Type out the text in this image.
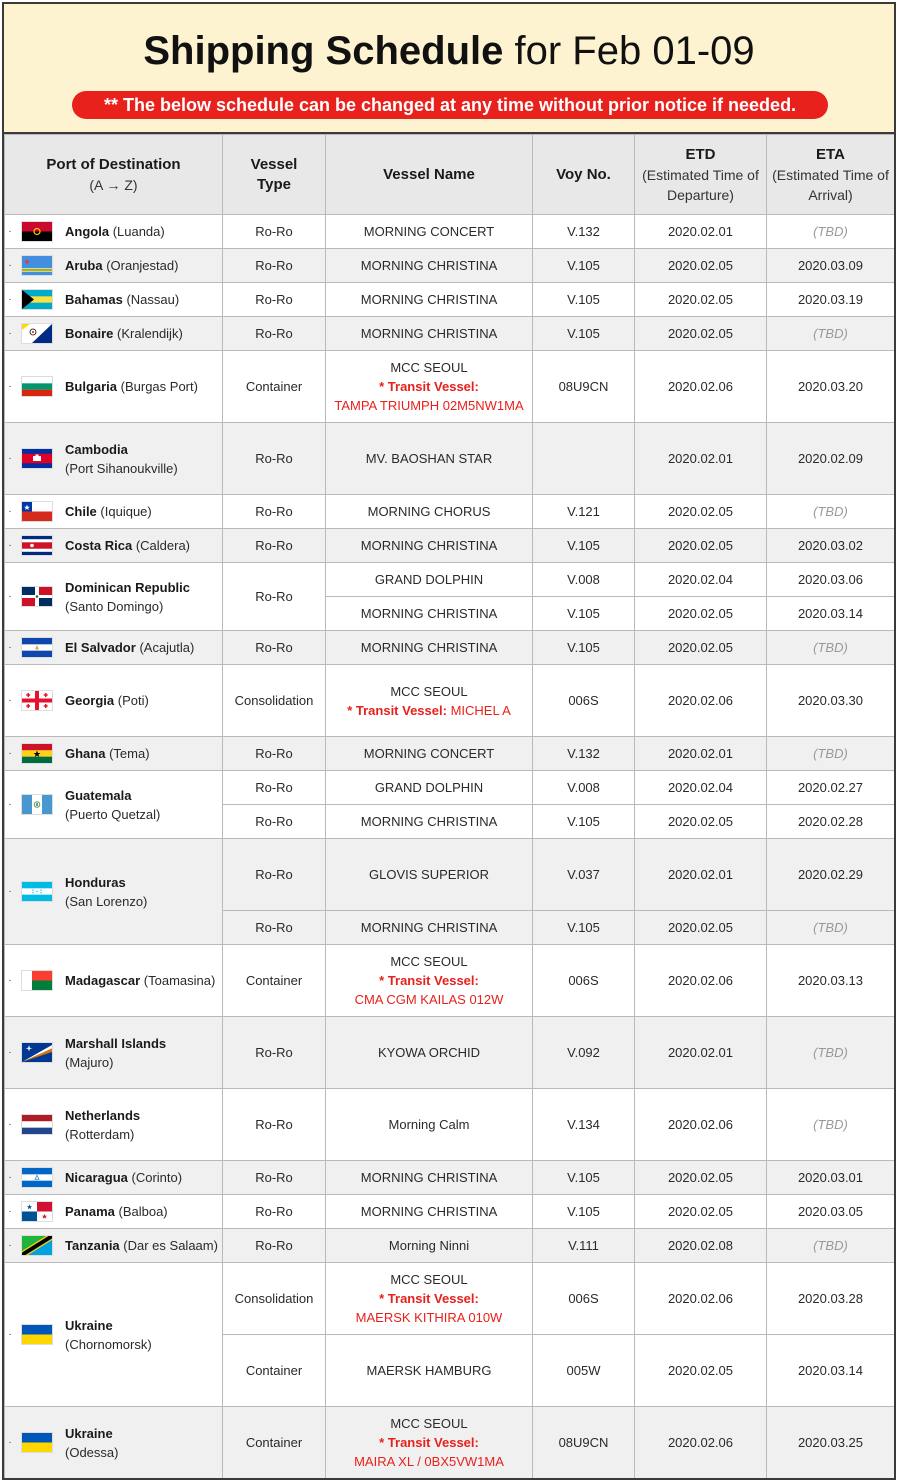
Shipping Schedule for Feb 01-09
** The below schedule can be changed at any time without prior notice if needed.
Port of Destination
(A → Z)	Vessel
Type	Vessel Name	Voy No.	ETD
(Estimated Time of Departure)	ETA
(Estimated Time of Arrival)

· Angola (Luanda)	Ro-Ro	MORNING CONCERT	V.132	2020.02.01	(TBD)

· Aruba (Oranjestad)	Ro-Ro	MORNING CHRISTINA	V.105	2020.02.05	2020.03.09

· Bahamas (Nassau)	Ro-Ro	MORNING CHRISTINA	V.105	2020.02.05	2020.03.19

· Bonaire (Kralendijk)	Ro-Ro	MORNING CHRISTINA	V.105	2020.02.05	(TBD)

· Bulgaria (Burgas Port)	Container	MCC SEOUL
* Transit Vessel:
TAMPA TRIUMPH 02M5NW1MA	08U9CN	2020.02.06	2020.03.20

·
Cambodia
(Port Sihanoukville)	Ro-Ro	MV. BAOSHAN STAR		2020.02.01	2020.02.09

· Chile (Iquique)	Ro-Ro	MORNING CHORUS	V.121	2020.02.05	(TBD)

· Costa Rica (Caldera)	Ro-Ro	MORNING CHRISTINA	V.105	2020.02.05	2020.03.02

·
Dominican Republic
(Santo Domingo)	Ro-Ro	GRAND DOLPHIN	V.008	2020.02.04	2020.03.06
		MORNING CHRISTINA	V.105	2020.02.05	2020.03.14

· El Salvador (Acajutla)	Ro-Ro	MORNING CHRISTINA	V.105	2020.02.05	(TBD)

· Georgia (Poti)	Consolidation	MCC SEOUL
* Transit Vessel: MICHEL A	006S	2020.02.06	2020.03.30

· Ghana (Tema)	Ro-Ro	MORNING CONCERT	V.132	2020.02.01	(TBD)

·
Guatemala
(Puerto Quetzal)	Ro-Ro	GRAND DOLPHIN	V.008	2020.02.04	2020.02.27
	Ro-Ro	MORNING CHRISTINA	V.105	2020.02.05	2020.02.28

·
Honduras
(San Lorenzo)	Ro-Ro	GLOVIS SUPERIOR	V.037	2020.02.01	2020.02.29
	Ro-Ro	MORNING CHRISTINA	V.105	2020.02.05	(TBD)

· Madagascar (Toamasina)	Container	MCC SEOUL
* Transit Vessel:
CMA CGM KAILAS 012W	006S	2020.02.06	2020.03.13

·
Marshall Islands
(Majuro)	Ro-Ro	KYOWA ORCHID	V.092	2020.02.01	(TBD)

·
Netherlands
(Rotterdam)	Ro-Ro	Morning Calm	V.134	2020.02.06	(TBD)

· Nicaragua (Corinto)	Ro-Ro	MORNING CHRISTINA	V.105	2020.02.05	2020.03.01

· Panama (Balboa)	Ro-Ro	MORNING CHRISTINA	V.105	2020.02.05	2020.03.05

· Tanzania (Dar es Salaam)	Ro-Ro	Morning Ninni	V.111	2020.02.08	(TBD)

·
Ukraine
(Chornomorsk)	Consolidation	MCC SEOUL
* Transit Vessel:
MAERSK KITHIRA 010W	006S	2020.02.06	2020.03.28
	Container	MAERSK HAMBURG	005W	2020.02.05	2020.03.14

·
Ukraine
(Odessa)	Container	MCC SEOUL
* Transit Vessel:
MAIRA XL / 0BX5VW1MA	08U9CN	2020.02.06	2020.03.25
